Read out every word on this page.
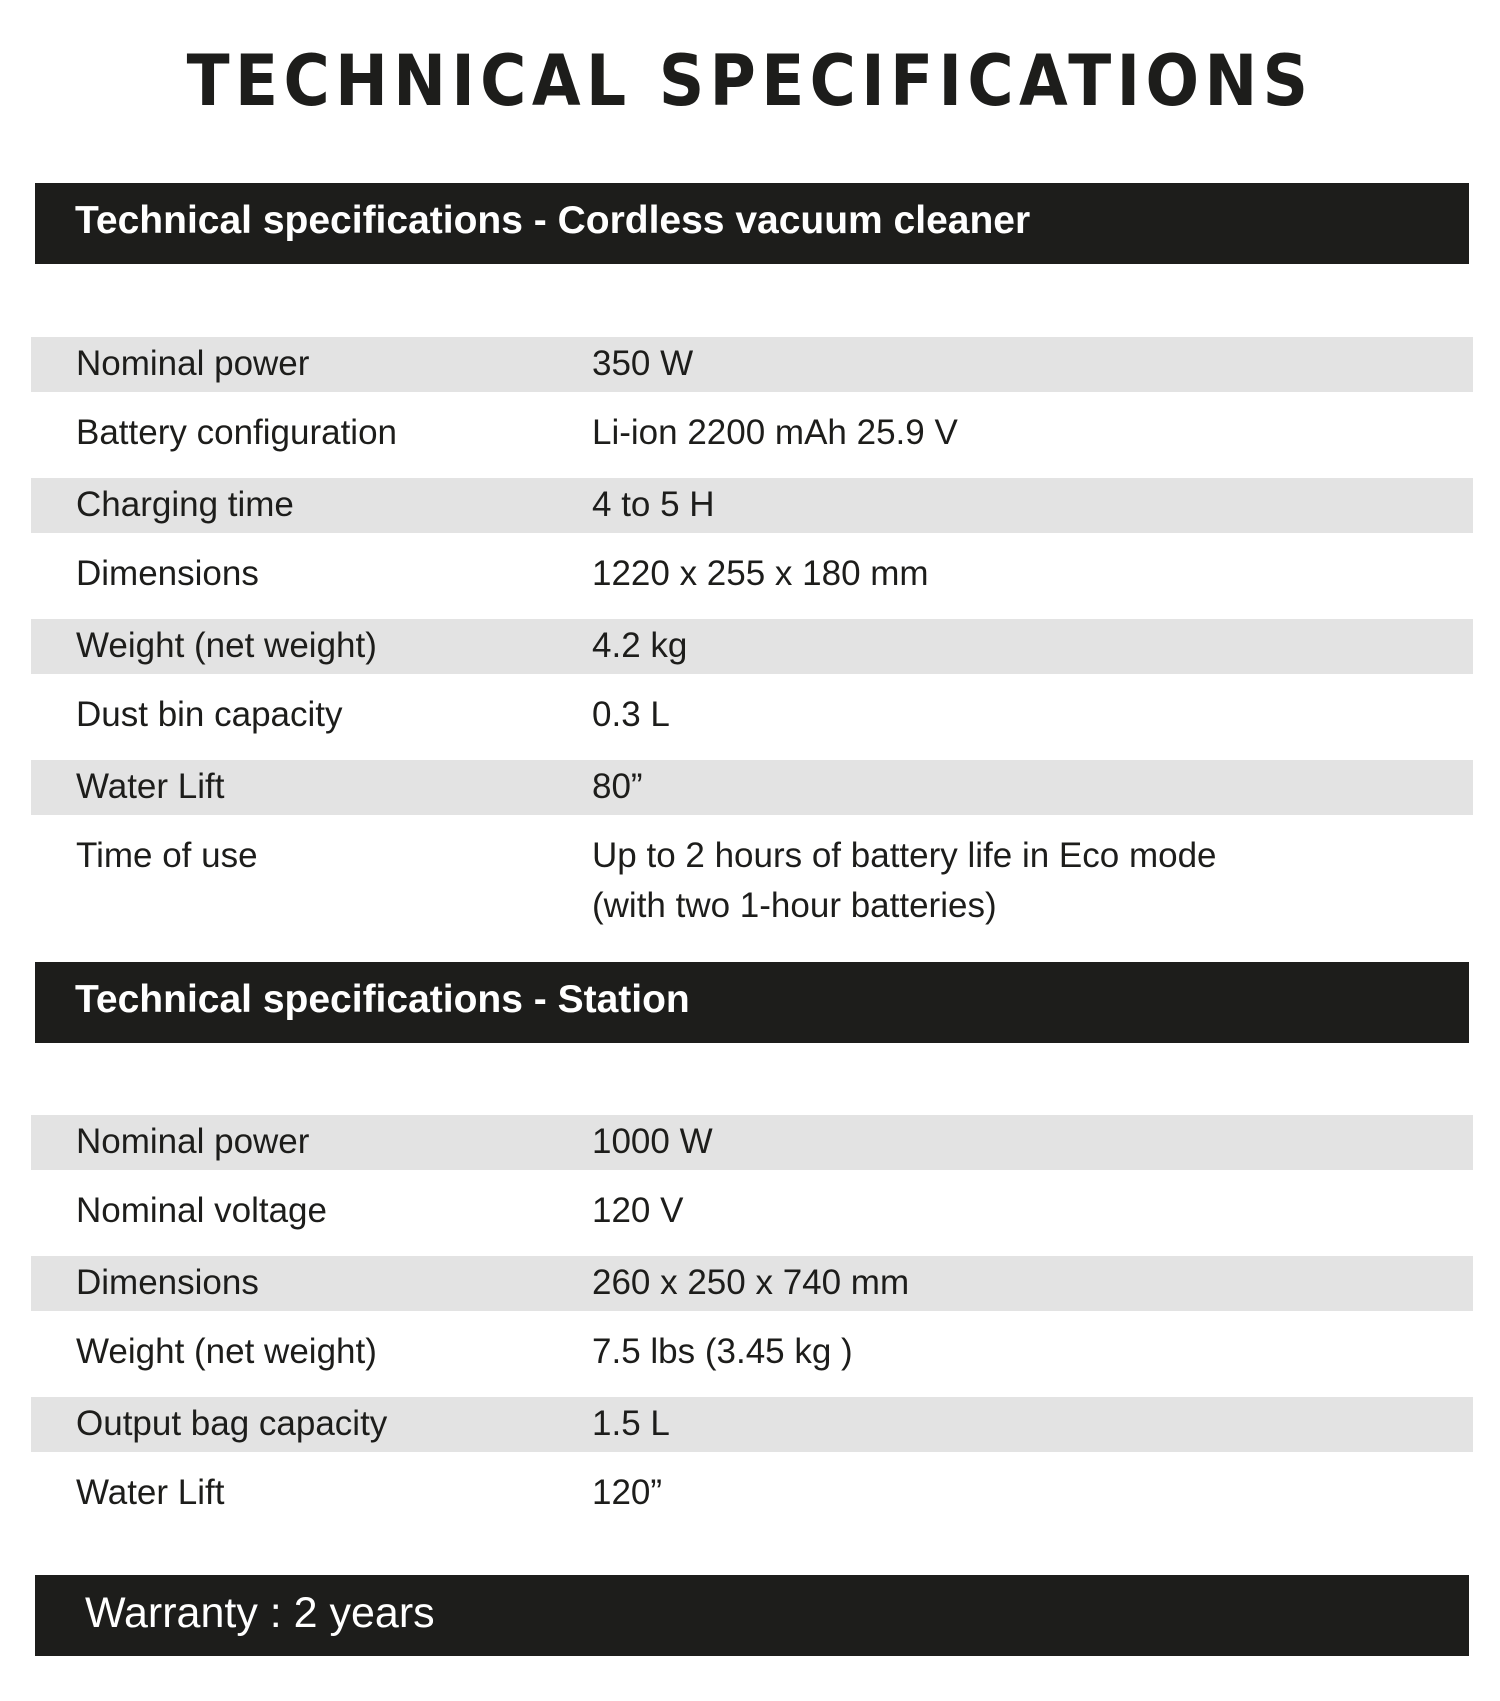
TECHNICAL SPECIFICATIONS
Technical specifications - Cordless vacuum cleaner
Nominal power	350 W
Battery configuration	Li-ion 2200 mAh 25.9 V
Charging time	4 to 5 H
Dimensions	1220 x 255 x 180 mm
Weight (net weight)	4.2 kg
Dust bin capacity	0.3 L
Water Lift	80”
Time of use	Up to 2 hours of battery life in Eco mode
(with two 1-hour batteries)
Technical specifications - Station
Nominal power	1000 W
Nominal voltage	120 V
Dimensions	260 x 250 x 740 mm
Weight (net weight)	7.5 lbs (3.45 kg )
Output bag capacity	1.5 L
Water Lift	120”
Warranty : 2 years
